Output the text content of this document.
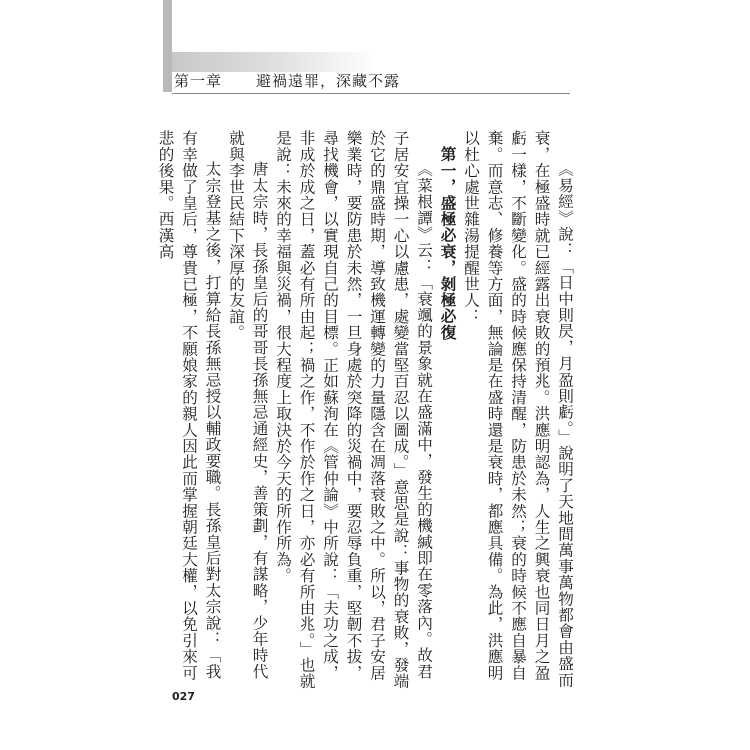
第一章 避禍遠罪，深藏不露

《易經》說：「日中則昃，月盈則虧。」說明了天地間萬事萬物都會由盛而衰，在極盛時就已經露出衰敗的預兆。洪應明認為，人生之興衰也同日月之盈虧一樣，不斷變化。盛的時候應保持清醒，防患於未然；衰的時候不應自暴自棄。而意志、修養等方面，無論是在盛時還是衰時，都應具備。為此，洪應明以杜心處世雜湯提醒世人：

第一，盛極必衰，剝極必復

《菜根譚》云：「衰颯的景象就在盛滿中，發生的機緘即在零落內。故君子居安宜操一心以慮患，處變當堅百忍以圖成。」意思是說：事物的衰敗，發端於它的鼎盛時期，導致機運轉變的力量隱含在凋落衰敗之中。所以，君子安居樂業時，要防患於未然，一旦身處於突降的災禍中，要忍辱負重，堅韌不拔，尋找機會，以實現自己的目標。正如蘇洵在《管仲論》中所說：「夫功之成，非成於成之日，蓋必有所由起；禍之作，不作於作之日，亦必有所由兆。」也就是說：未來的幸福與災禍，很大程度上取決於今天的所作所為。

唐太宗時，長孫皇后的哥哥長孫無忌通經史，善策劃，有謀略，少年時代就與李世民結下深厚的友誼。

太宗登基之後，打算給長孫無忌授以輔政要職。長孫皇后對太宗說：「我有幸做了皇后，尊貴已極，不願娘家的親人因此而掌握朝廷大權，以免引來可悲的後果。西漢高

027
